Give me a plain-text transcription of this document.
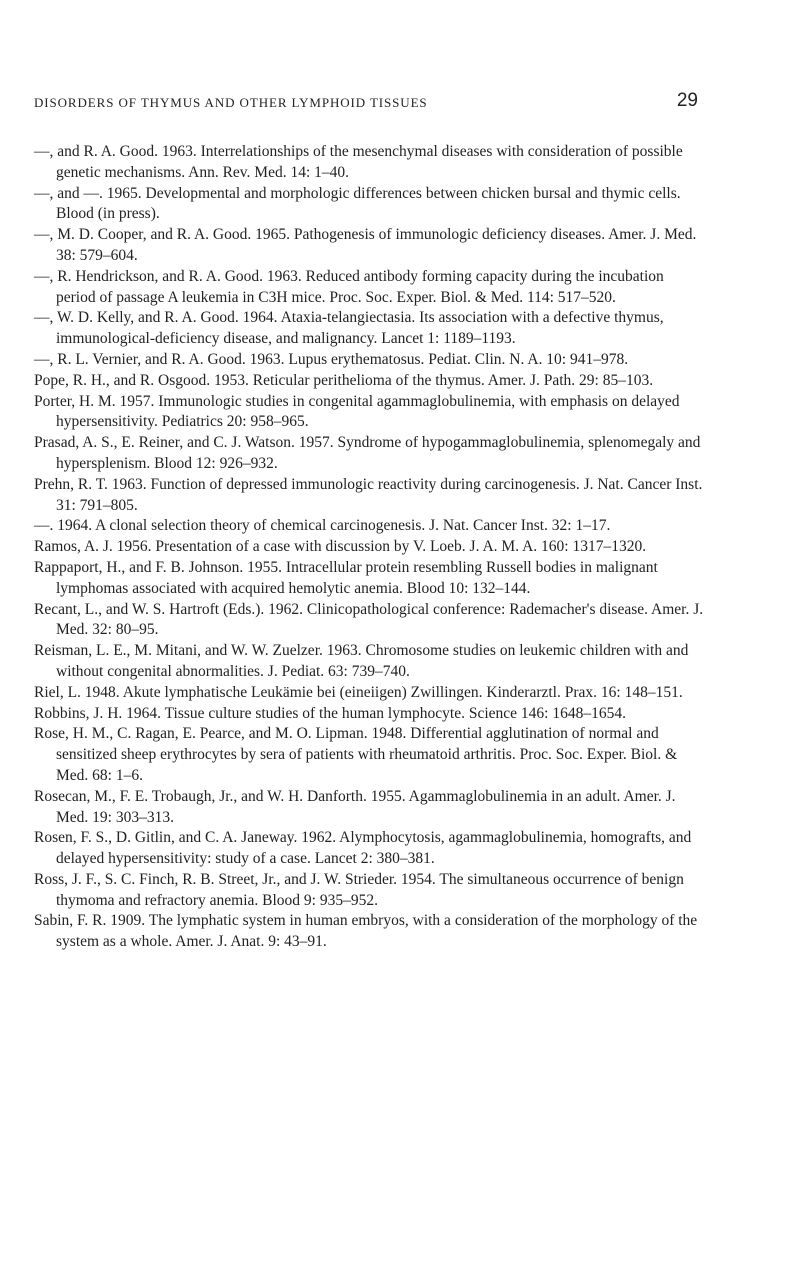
DISORDERS OF THYMUS AND OTHER LYMPHOID TISSUES	29
—, and R. A. Good. 1963. Interrelationships of the mesenchymal diseases with consideration of possible genetic mechanisms. Ann. Rev. Med. 14: 1–40.
—, and —. 1965. Developmental and morphologic differences between chicken bursal and thymic cells. Blood (in press).
—, M. D. Cooper, and R. A. Good. 1965. Pathogenesis of immunologic deficiency diseases. Amer. J. Med. 38: 579–604.
—, R. Hendrickson, and R. A. Good. 1963. Reduced antibody forming capacity during the incubation period of passage A leukemia in C3H mice. Proc. Soc. Exper. Biol. & Med. 114: 517–520.
—, W. D. Kelly, and R. A. Good. 1964. Ataxia-telangiectasia. Its association with a defective thymus, immunological-deficiency disease, and malignancy. Lancet 1: 1189–1193.
—, R. L. Vernier, and R. A. Good. 1963. Lupus erythematosus. Pediat. Clin. N. A. 10: 941–978.
Pope, R. H., and R. Osgood. 1953. Reticular perithelioma of the thymus. Amer. J. Path. 29: 85–103.
Porter, H. M. 1957. Immunologic studies in congenital agammaglobulinemia, with emphasis on delayed hypersensitivity. Pediatrics 20: 958–965.
Prasad, A. S., E. Reiner, and C. J. Watson. 1957. Syndrome of hypogammaglobulinemia, splenomegaly and hypersplenism. Blood 12: 926–932.
Prehn, R. T. 1963. Function of depressed immunologic reactivity during carcinogenesis. J. Nat. Cancer Inst. 31: 791–805.
—. 1964. A clonal selection theory of chemical carcinogenesis. J. Nat. Cancer Inst. 32: 1–17.
Ramos, A. J. 1956. Presentation of a case with discussion by V. Loeb. J. A. M. A. 160: 1317–1320.
Rappaport, H., and F. B. Johnson. 1955. Intracellular protein resembling Russell bodies in malignant lymphomas associated with acquired hemolytic anemia. Blood 10: 132–144.
Recant, L., and W. S. Hartroft (Eds.). 1962. Clinicopathological conference: Rademacher's disease. Amer. J. Med. 32: 80–95.
Reisman, L. E., M. Mitani, and W. W. Zuelzer. 1963. Chromosome studies on leukemic children with and without congenital abnormalities. J. Pediat. 63: 739–740.
Riel, L. 1948. Akute lymphatische Leukämie bei (eineiigen) Zwillingen. Kinderarztl. Prax. 16: 148–151.
Robbins, J. H. 1964. Tissue culture studies of the human lymphocyte. Science 146: 1648–1654.
Rose, H. M., C. Ragan, E. Pearce, and M. O. Lipman. 1948. Differential agglutination of normal and sensitized sheep erythrocytes by sera of patients with rheumatoid arthritis. Proc. Soc. Exper. Biol. & Med. 68: 1–6.
Rosecan, M., F. E. Trobaugh, Jr., and W. H. Danforth. 1955. Agammaglobulinemia in an adult. Amer. J. Med. 19: 303–313.
Rosen, F. S., D. Gitlin, and C. A. Janeway. 1962. Alymphocytosis, agammaglobulinemia, homografts, and delayed hypersensitivity: study of a case. Lancet 2: 380–381.
Ross, J. F., S. C. Finch, R. B. Street, Jr., and J. W. Strieder. 1954. The simultaneous occurrence of benign thymoma and refractory anemia. Blood 9: 935–952.
Sabin, F. R. 1909. The lymphatic system in human embryos, with a consideration of the morphology of the system as a whole. Amer. J. Anat. 9: 43–91.
